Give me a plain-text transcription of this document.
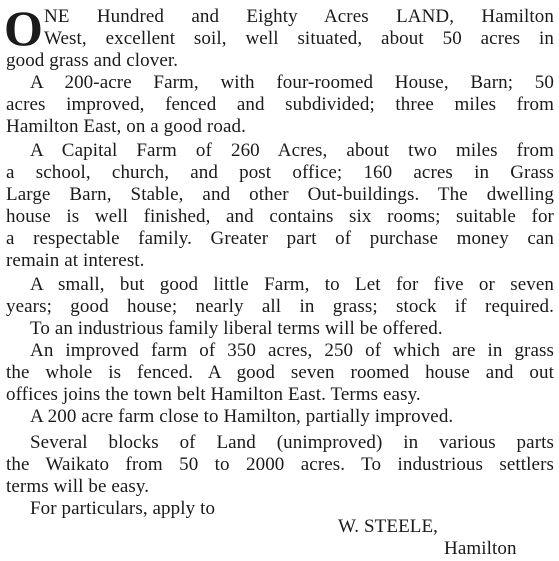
O NE Hundred and Eighty Acres LAND, Hamilton
West, excellent soil, well situated, about 50 acres in
good grass and clover.
A 200-acre Farm, with four-roomed House, Barn; 50
acres improved, fenced and subdivided; three miles from
Hamilton East, on a good road.
A Capital Farm of 260 Acres, about two miles from
a school, church, and post office; 160 acres in Grass
Large Barn, Stable, and other Out-buildings. The dwelling
house is well finished, and contains six rooms; suitable for
a respectable family. Greater part of purchase money can
remain at interest.
A small, but good little Farm, to Let for five or seven
years; good house; nearly all in grass; stock if required.
To an industrious family liberal terms will be offered.
An improved farm of 350 acres, 250 of which are in grass
the whole is fenced. A good seven roomed house and out
offices joins the town belt Hamilton East. Terms easy.
A 200 acre farm close to Hamilton, partially improved.
Several blocks of Land (unimproved) in various parts
the Waikato from 50 to 2000 acres. To industrious settlers
terms will be easy.
For particulars, apply to
W. STEELE,
Hamilton
